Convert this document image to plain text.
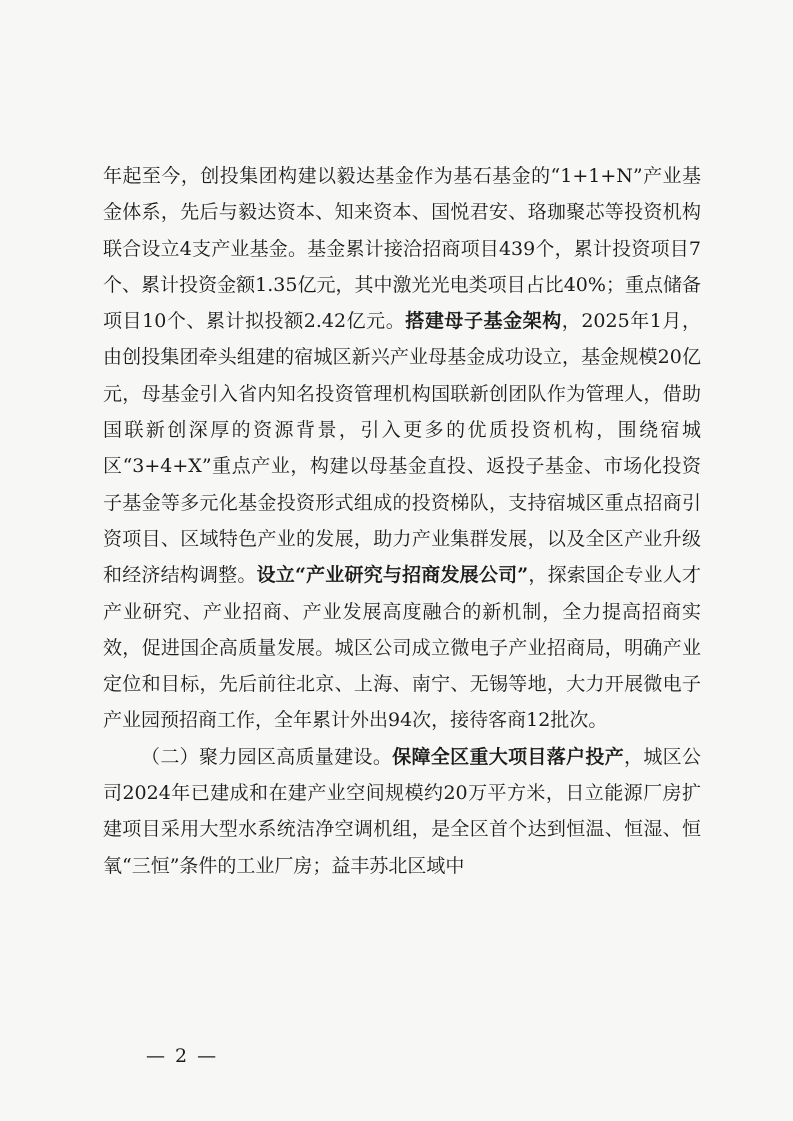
年起至今，创投集团构建以毅达基金作为基石基金的“1+1+N”产业基金体系，先后与毅达资本、知来资本、国悦君安、珞珈聚芯等投资机构联合设立4支产业基金。基金累计接洽招商项目439个，累计投资项目7个、累计投资金额1.35亿元，其中激光光电类项目占比40%；重点储备项目10个、累计拟投额2.42亿元。搭建母子基金架构，2025年1月，由创投集团牵头组建的宿城区新兴产业母基金成功设立，基金规模20亿元，母基金引入省内知名投资管理机构国联新创团队作为管理人，借助国联新创深厚的资源背景，引入更多的优质投资机构，围绕宿城区“3+4+X”重点产业，构建以母基金直投、返投子基金、市场化投资子基金等多元化基金投资形式组成的投资梯队，支持宿城区重点招商引资项目、区域特色产业的发展，助力产业集群发展，以及全区产业升级和经济结构调整。设立“产业研究与招商发展公司”，探索国企专业人才产业研究、产业招商、产业发展高度融合的新机制，全力提高招商实效，促进国企高质量发展。城区公司成立微电子产业招商局，明确产业定位和目标，先后前往北京、上海、南宁、无锡等地，大力开展微电子产业园预招商工作，全年累计外出94次，接待客商12批次。

（二）聚力园区高质量建设。保障全区重大项目落户投产，城区公司2024年已建成和在建产业空间规模约20万平方米，日立能源厂房扩建项目采用大型水系统洁净空调机组，是全区首个达到恒温、恒湿、恒氧“三恒”条件的工业厂房；益丰苏北区域中

— 2 —
